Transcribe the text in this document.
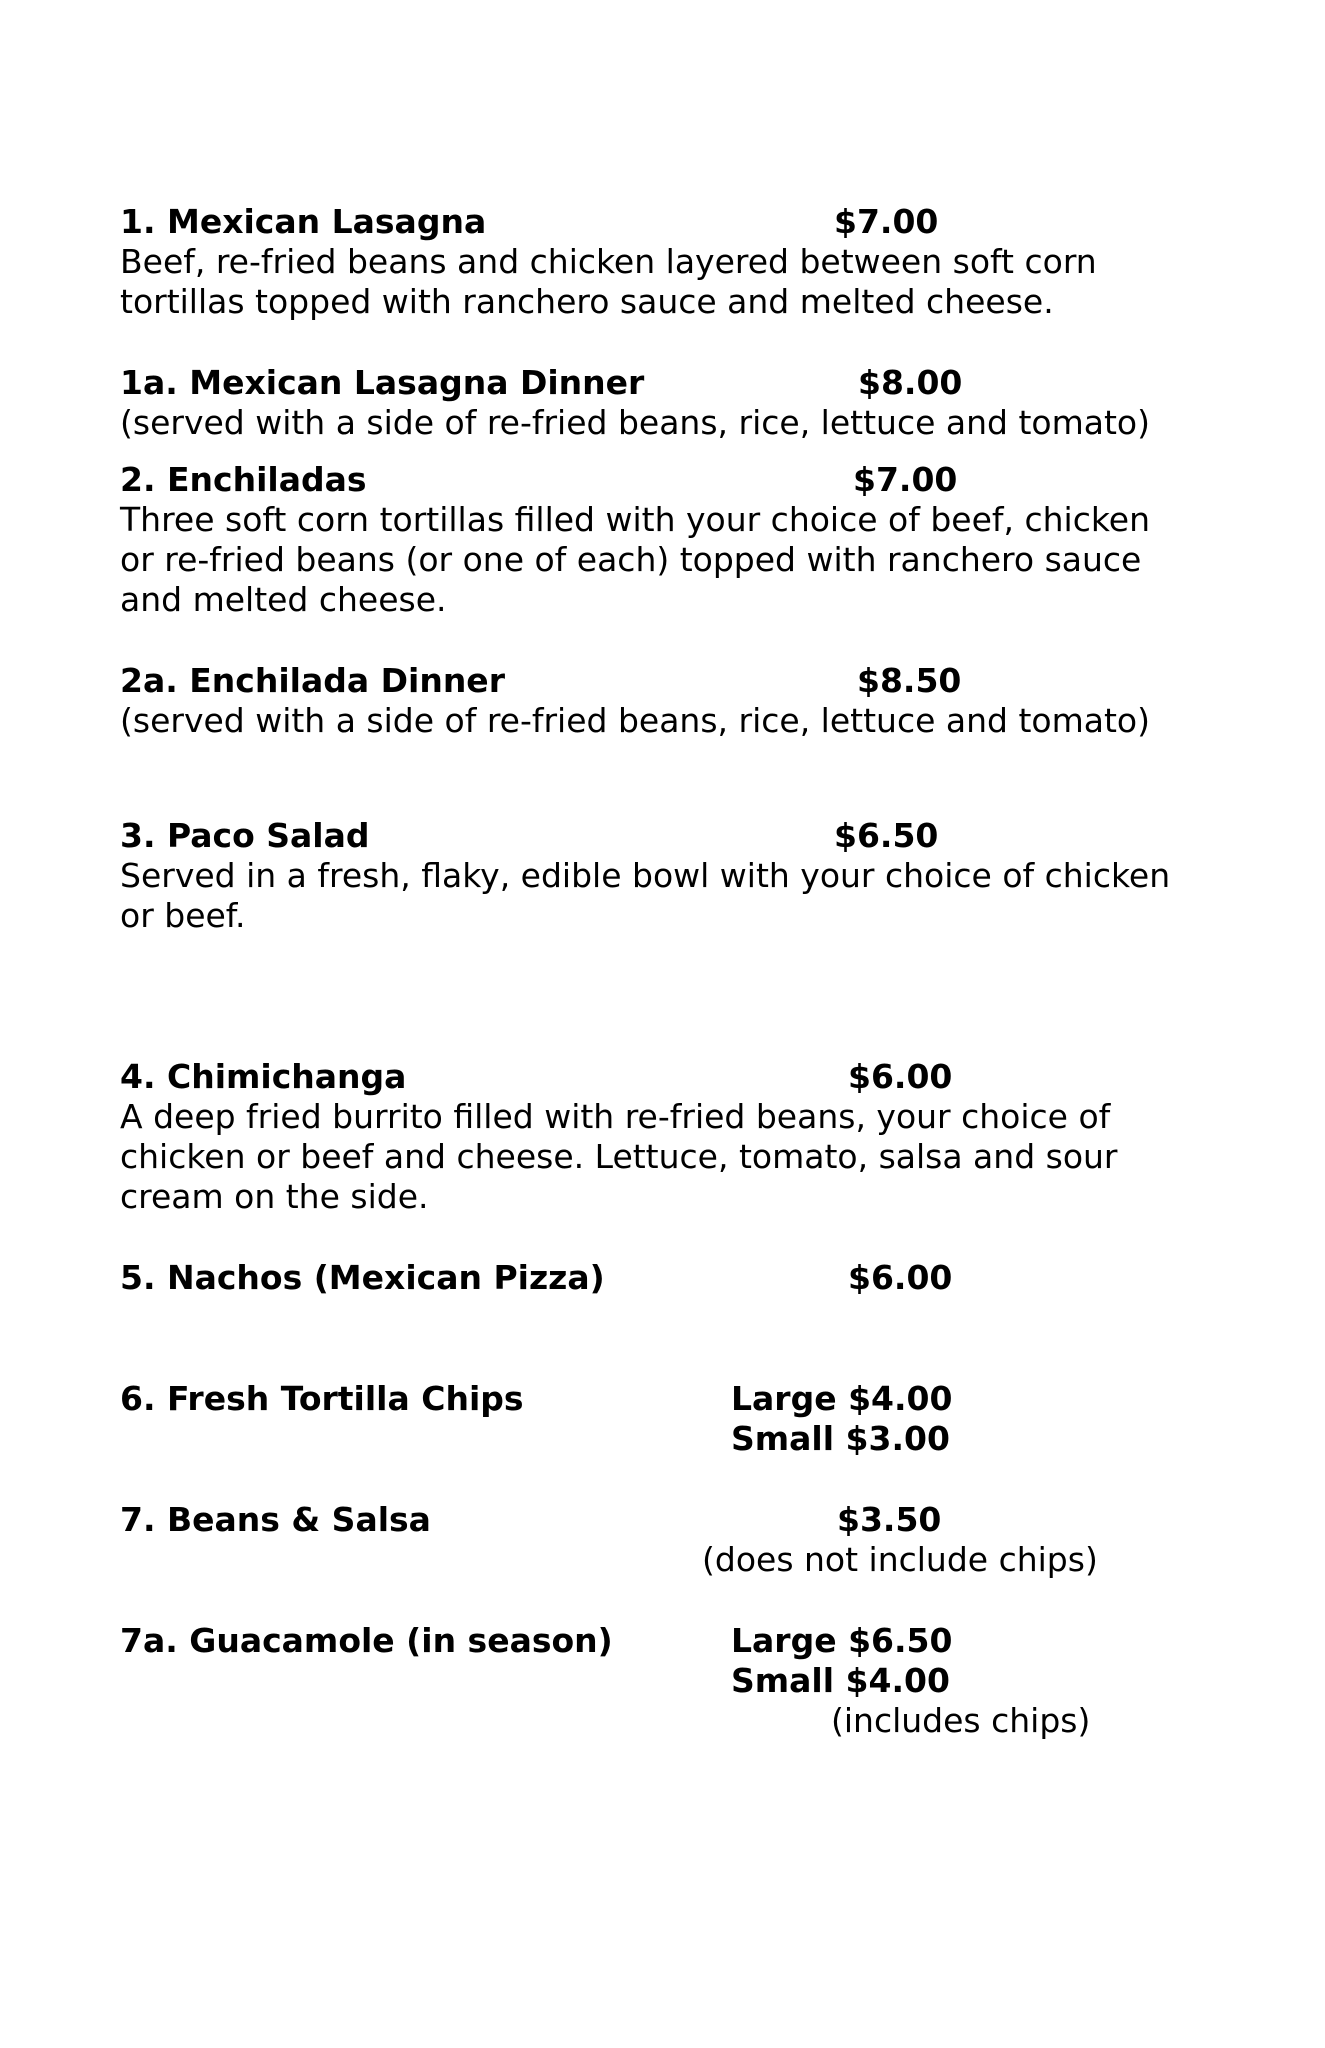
1. Mexican Lasagna	$7.00
Beef, re-fried beans and chicken layered between soft corn
tortillas topped with ranchero sauce and melted cheese.
1a. Mexican Lasagna Dinner	$8.00
(served with a side of re-fried beans, rice, lettuce and tomato)
2. Enchiladas	$7.00
Three soft corn tortillas filled with your choice of beef, chicken
or re-fried beans (or one of each) topped with ranchero sauce
and melted cheese.
2a. Enchilada Dinner	$8.50
(served with a side of re-fried beans, rice, lettuce and tomato)
3. Paco Salad	$6.50
Served in a fresh, flaky, edible bowl with your choice of chicken
or beef.
4. Chimichanga	$6.00
A deep fried burrito filled with re-fried beans, your choice of
chicken or beef and cheese. Lettuce, tomato, salsa and sour
cream on the side.
5. Nachos (Mexican Pizza)	$6.00
6. Fresh Tortilla Chips	Large $4.00
Small $3.00
7. Beans & Salsa	$3.50
(does not include chips)
7a. Guacamole (in season)	Large $6.50
Small $4.00
(includes chips)
